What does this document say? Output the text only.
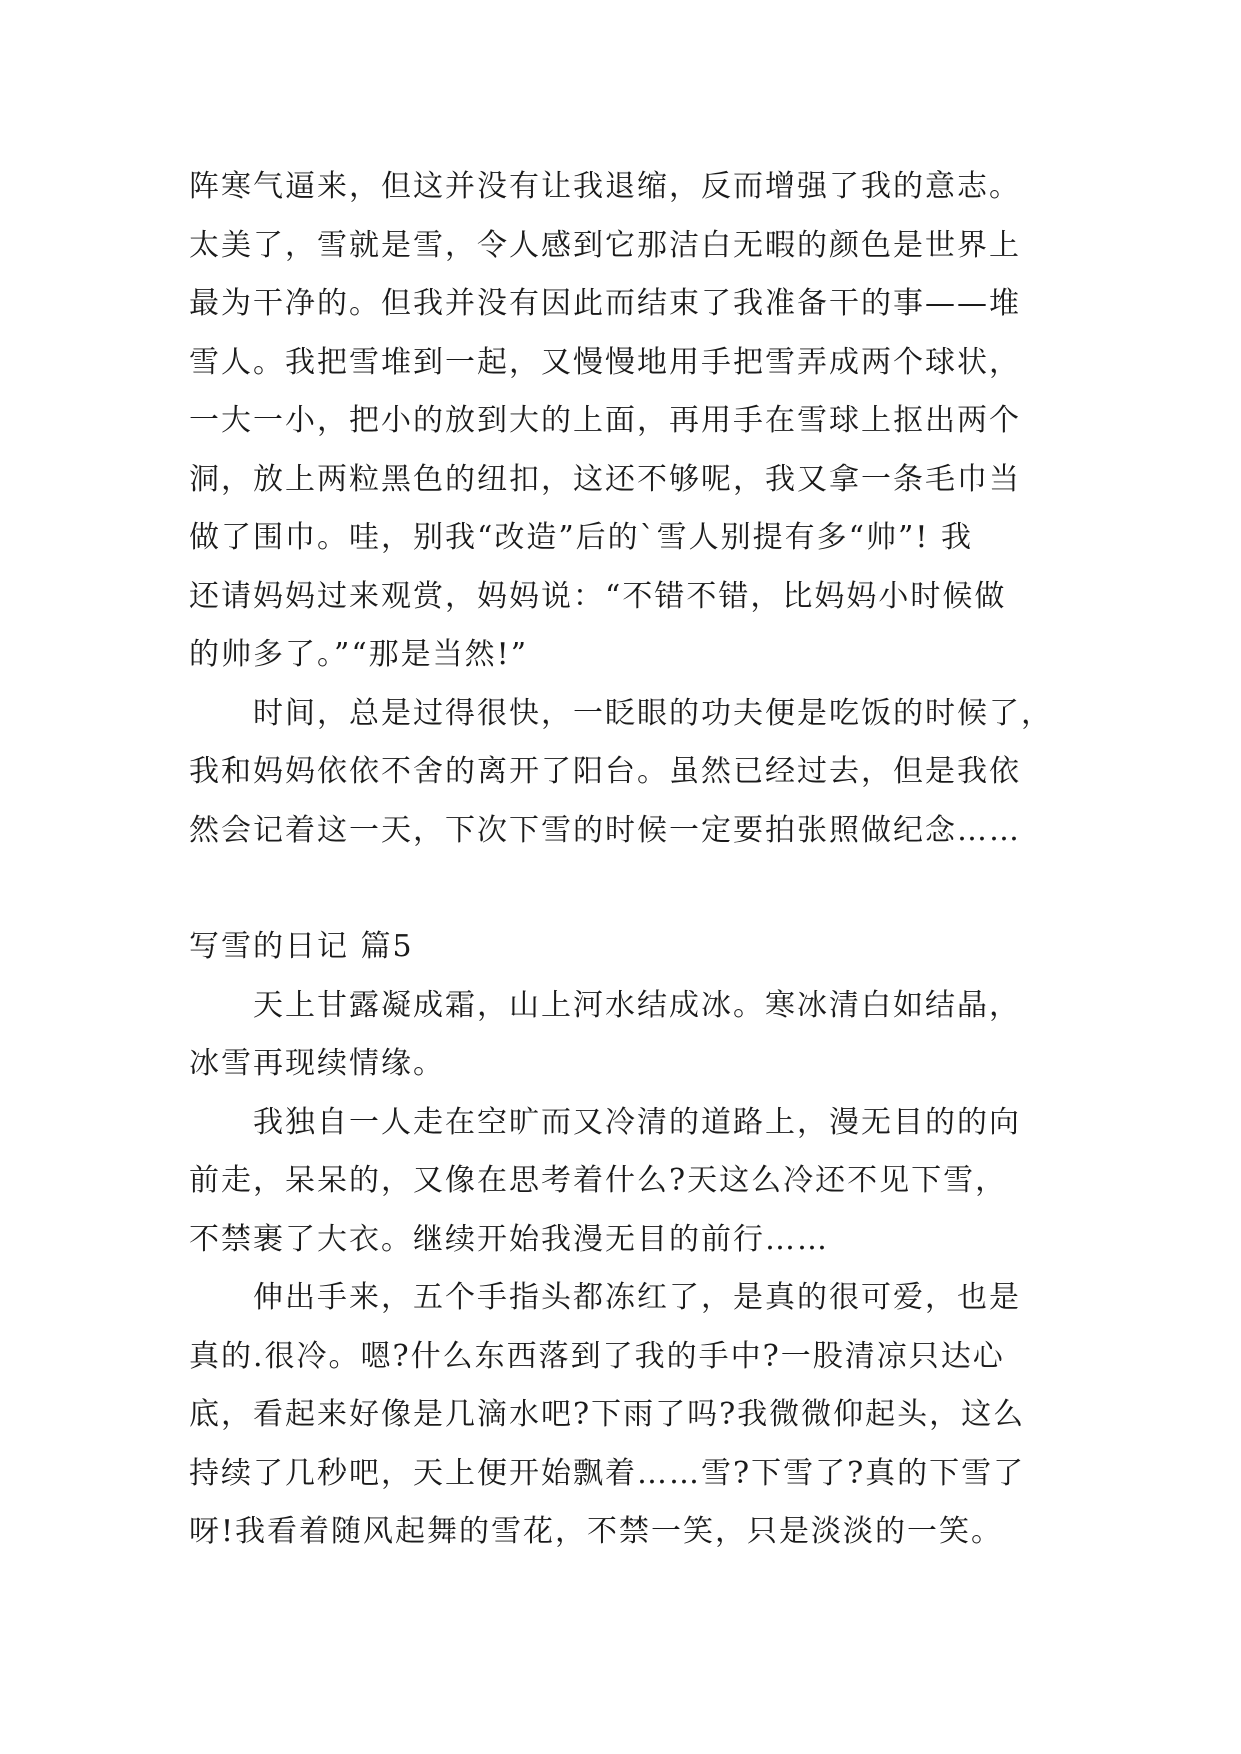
阵寒气逼来，但这并没有让我退缩，反而增强了我的意志。
太美了，雪就是雪，令人感到它那洁白无暇的颜色是世界上
最为干净的。但我并没有因此而结束了我准备干的事——堆
雪人。我把雪堆到一起，又慢慢地用手把雪弄成两个球状，
一大一小，把小的放到大的上面，再用手在雪球上抠出两个
洞，放上两粒黑色的纽扣，这还不够呢，我又拿一条毛巾当
做了围巾。哇，别我“改造”后的`雪人别提有多“帅”! 我
还请妈妈过来观赏，妈妈说：“不错不错，比妈妈小时候做
的帅多了。”“那是当然!”
时间，总是过得很快，一眨眼的功夫便是吃饭的时候了，
我和妈妈依依不舍的离开了阳台。虽然已经过去，但是我依
然会记着这一天，下次下雪的时候一定要拍张照做纪念……
写雪的日记 篇5
天上甘露凝成霜，山上河水结成冰。寒冰清白如结晶，
冰雪再现续情缘。
我独自一人走在空旷而又冷清的道路上，漫无目的的向
前走，呆呆的，又像在思考着什么?天这么冷还不见下雪，
不禁裹了大衣。继续开始我漫无目的前行……
伸出手来，五个手指头都冻红了，是真的很可爱，也是
真的.很冷。嗯?什么东西落到了我的手中?一股清凉只达心
底，看起来好像是几滴水吧?下雨了吗?我微微仰起头，这么
持续了几秒吧，天上便开始飘着……雪?下雪了?真的下雪了
呀!我看着随风起舞的雪花，不禁一笑，只是淡淡的一笑。
